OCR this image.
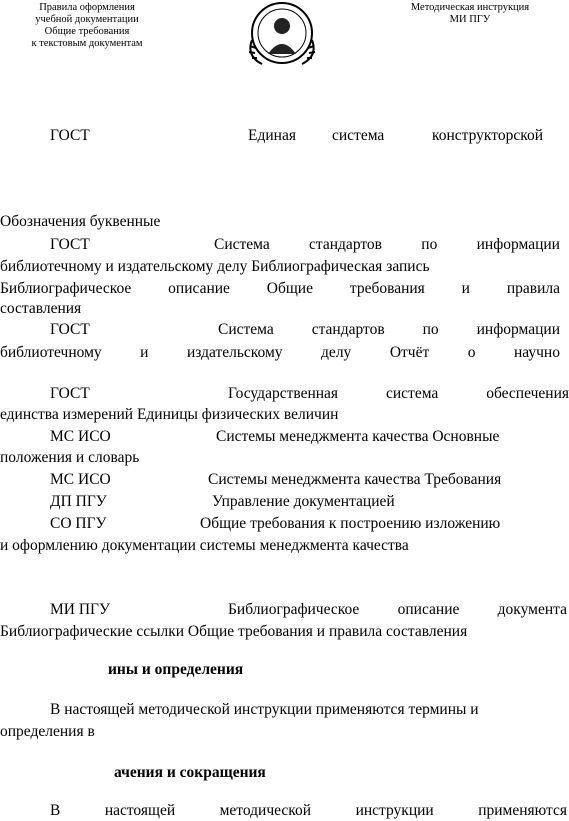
Правила оформления
учебной документации
Общие требования
к текстовым документам
Методическая инструкция
МИ ПГУ
ГОСТ	Единая система	конструкторской
Обозначения буквенные
ГОСТ	Система	стандартов	по	информации
библиотечному и издательскому делу Библиографическая запись
Библиографическое описание Общие требования и правила
составления
ГОСТ	Система стандартов по информации
библиотечному и издательскому делу Отчёт о научно
ГОСТ	Государственная	система	обеспечения
единства измерений Единицы физических величин
МС ИСО	Системы менеджмента качества Основные
положения и словарь
МС ИСО	Системы менеджмента качества Требования
ДП ПГУ	Управление документацией
СО ПГУ	Общие требования к построению изложению
и оформлению документации системы менеджмента качества
МИ ПГУ	Библиографическое описание документа
Библиографические ссылки Общие требования и правила составления
ины и определения
В настоящей методической инструкции применяются термины и
определения в
ачения и сокращения
В	настоящей	методической	инструкции	применяются
